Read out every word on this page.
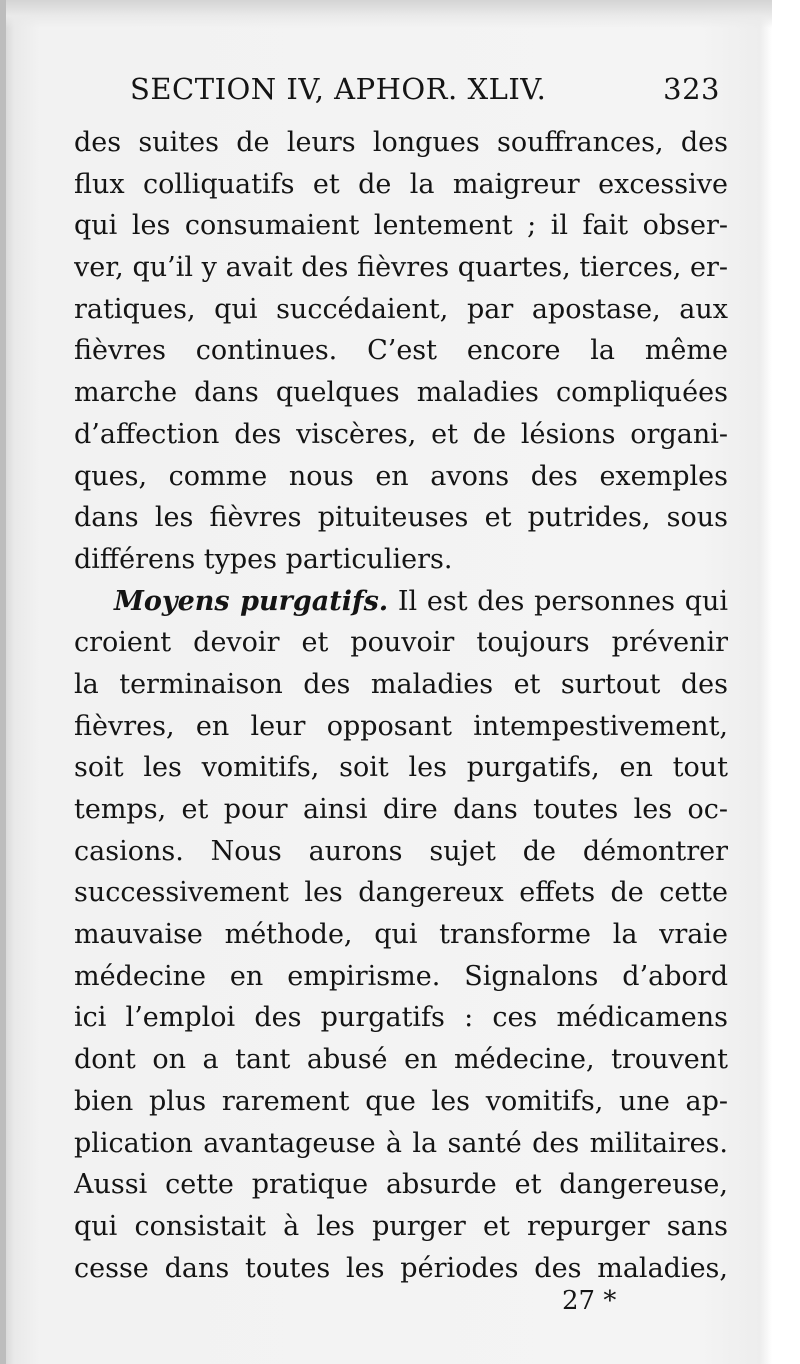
SECTION IV, APHOR. XLIV.	323
des suites de leurs longues souffrances, des
flux colliquatifs et de la maigreur excessive
qui les consumaient lentement ; il fait obser-
ver, qu’il y avait des fièvres quartes, tierces, er-
ratiques, qui succédaient, par apostase, aux
fièvres continues. C’est encore la même
marche dans quelques maladies compliquées
d’affection des viscères, et de lésions organi-
ques, comme nous en avons des exemples
dans les fièvres pituiteuses et putrides, sous
différens types particuliers.
Moyens purgatifs. Il est des personnes qui
croient devoir et pouvoir toujours prévenir
la terminaison des maladies et surtout des
fièvres, en leur opposant intempestivement,
soit les vomitifs, soit les purgatifs, en tout
temps, et pour ainsi dire dans toutes les oc-
casions. Nous aurons sujet de démontrer
successivement les dangereux effets de cette
mauvaise méthode, qui transforme la vraie
médecine en empirisme. Signalons d’abord
ici l’emploi des purgatifs : ces médicamens
dont on a tant abusé en médecine, trouvent
bien plus rarement que les vomitifs, une ap-
plication avantageuse à la santé des militaires.
Aussi cette pratique absurde et dangereuse,
qui consistait à les purger et repurger sans
cesse dans toutes les périodes des maladies,
27 *
